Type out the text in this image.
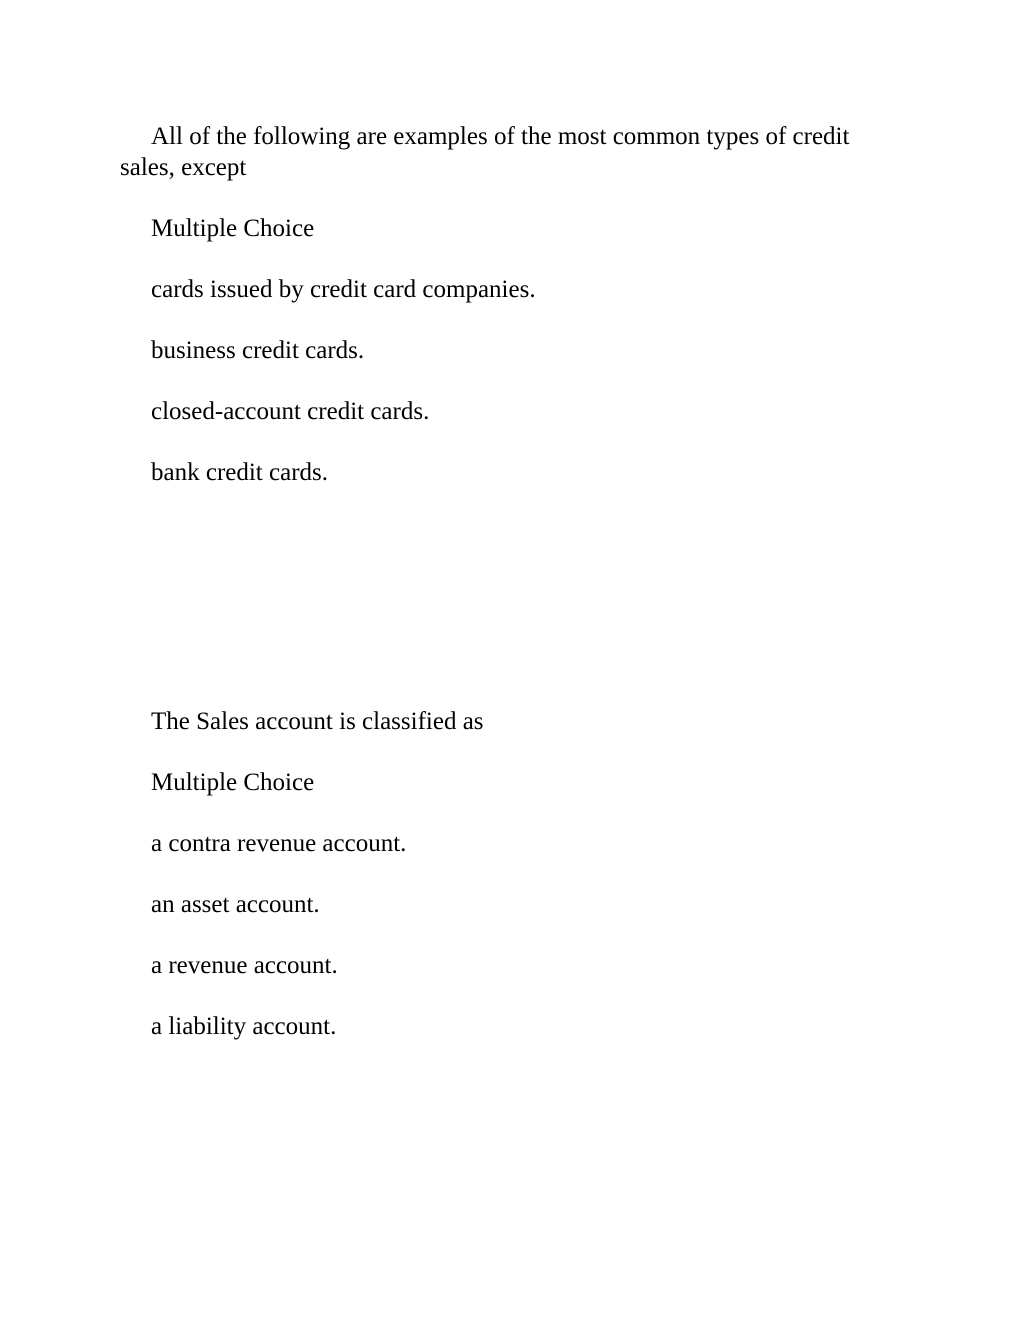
All of the following are examples of the most common types of credit sales, except

Multiple Choice

cards issued by credit card companies.

business credit cards.

closed-account credit cards.

bank credit cards.

The Sales account is classified as

Multiple Choice

a contra revenue account.

an asset account.

a revenue account.

a liability account.
